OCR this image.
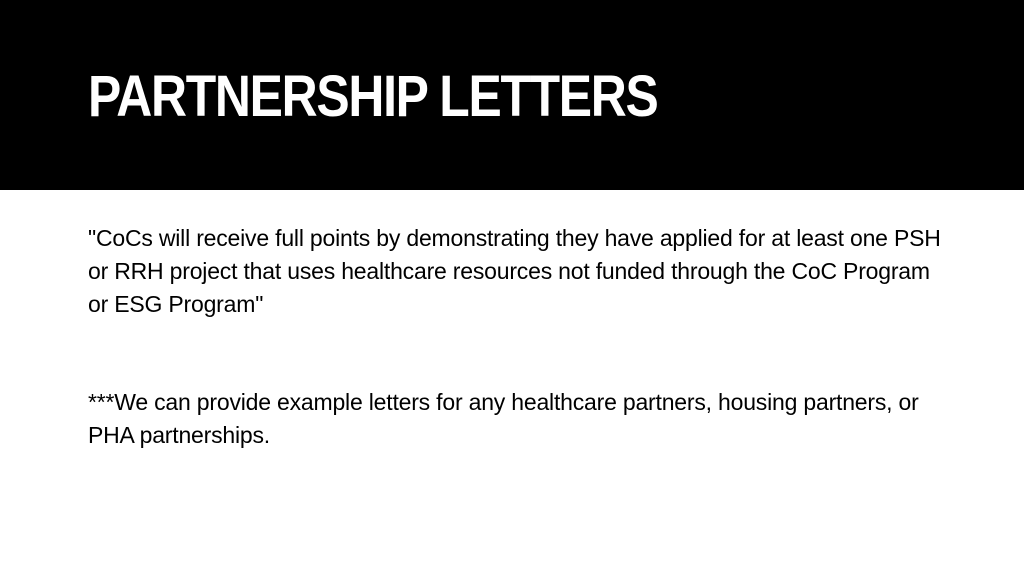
PARTNERSHIP LETTERS

"CoCs will receive full points by demonstrating they have applied for at least one PSH or RRH project that uses healthcare resources not funded through the CoC Program or ESG Program"

***We can provide example letters for any healthcare partners, housing partners, or PHA partnerships.
